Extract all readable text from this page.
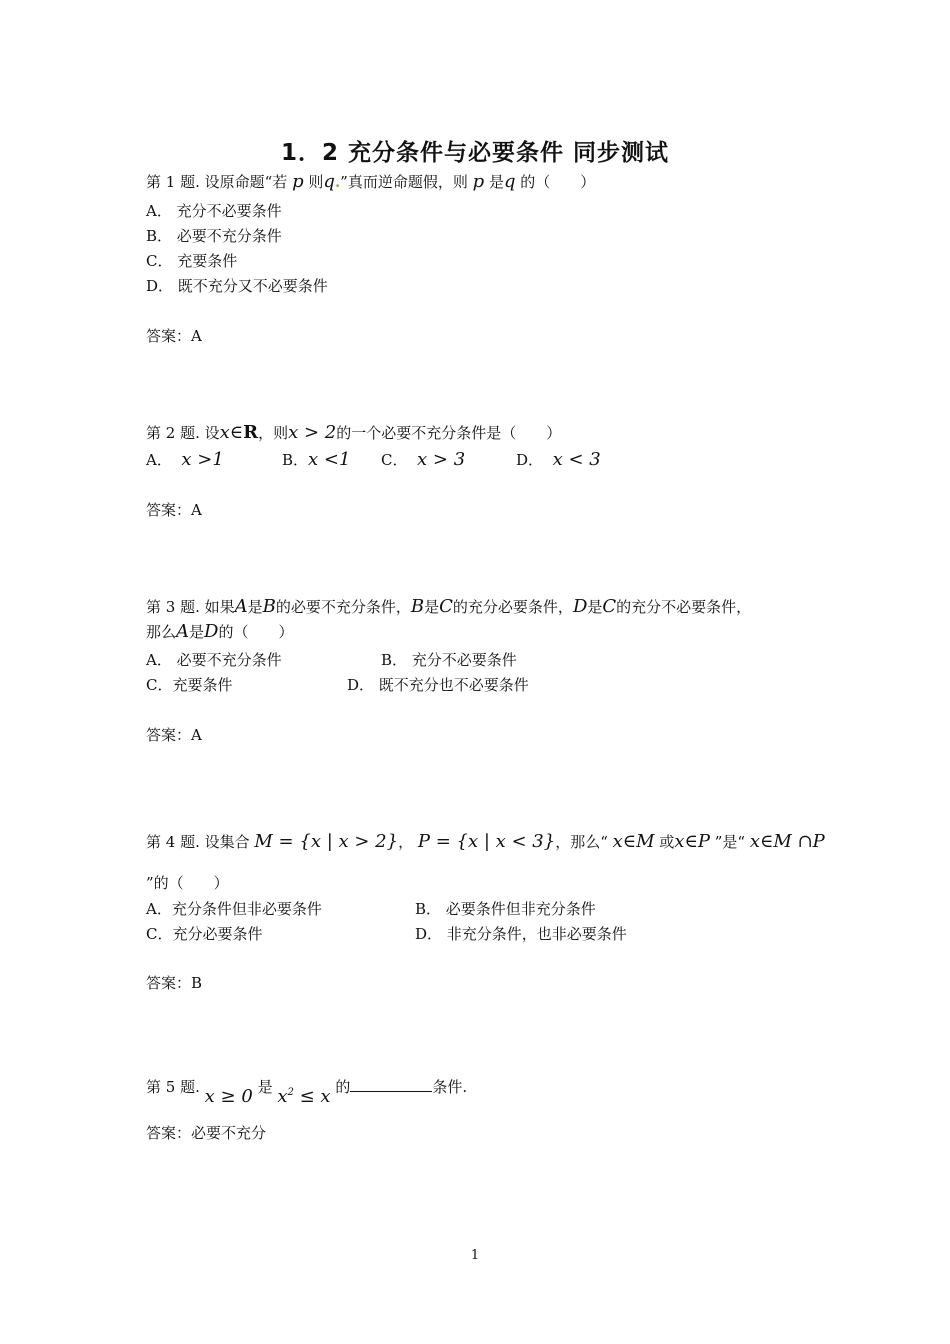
1．2 充分条件与必要条件 同步测试
第 1 题. 设原命题“若 p 则q.”真而逆命题假，则 p 是q 的（　　）
A． 充分不必要条件
B． 必要不充分条件
C． 充要条件
D． 既不充分又不必要条件
答案：A
第 2 题. 设x∈R，则x > 2的一个必要不充分条件是（　　）
A． x >1	B．x <1 C． x > 3	D． x < 3
答案：A
第 3 题. 如果A是B的必要不充分条件，B是C的充分必要条件，D是C的充分不必要条件，
那么A是D的（　　）
A． 必要不充分条件	B． 充分不必要条件
C．充要条件	D． 既不充分也不必要条件
答案：A
第 4 题. 设集合 M = {x | x > 2}， P = {x | x < 3}，那么“ x∈M 或x∈P ”是“ x∈M ∩P
”的（　　）
A．充分条件但非必要条件	B． 必要条件但非充分条件
C．充分必要条件	D． 非充分条件，也非必要条件
答案：B
第 5 题. x ≥ 0 是 $x^2 \le x$ 的	条件.
答案：必要不充分
1
